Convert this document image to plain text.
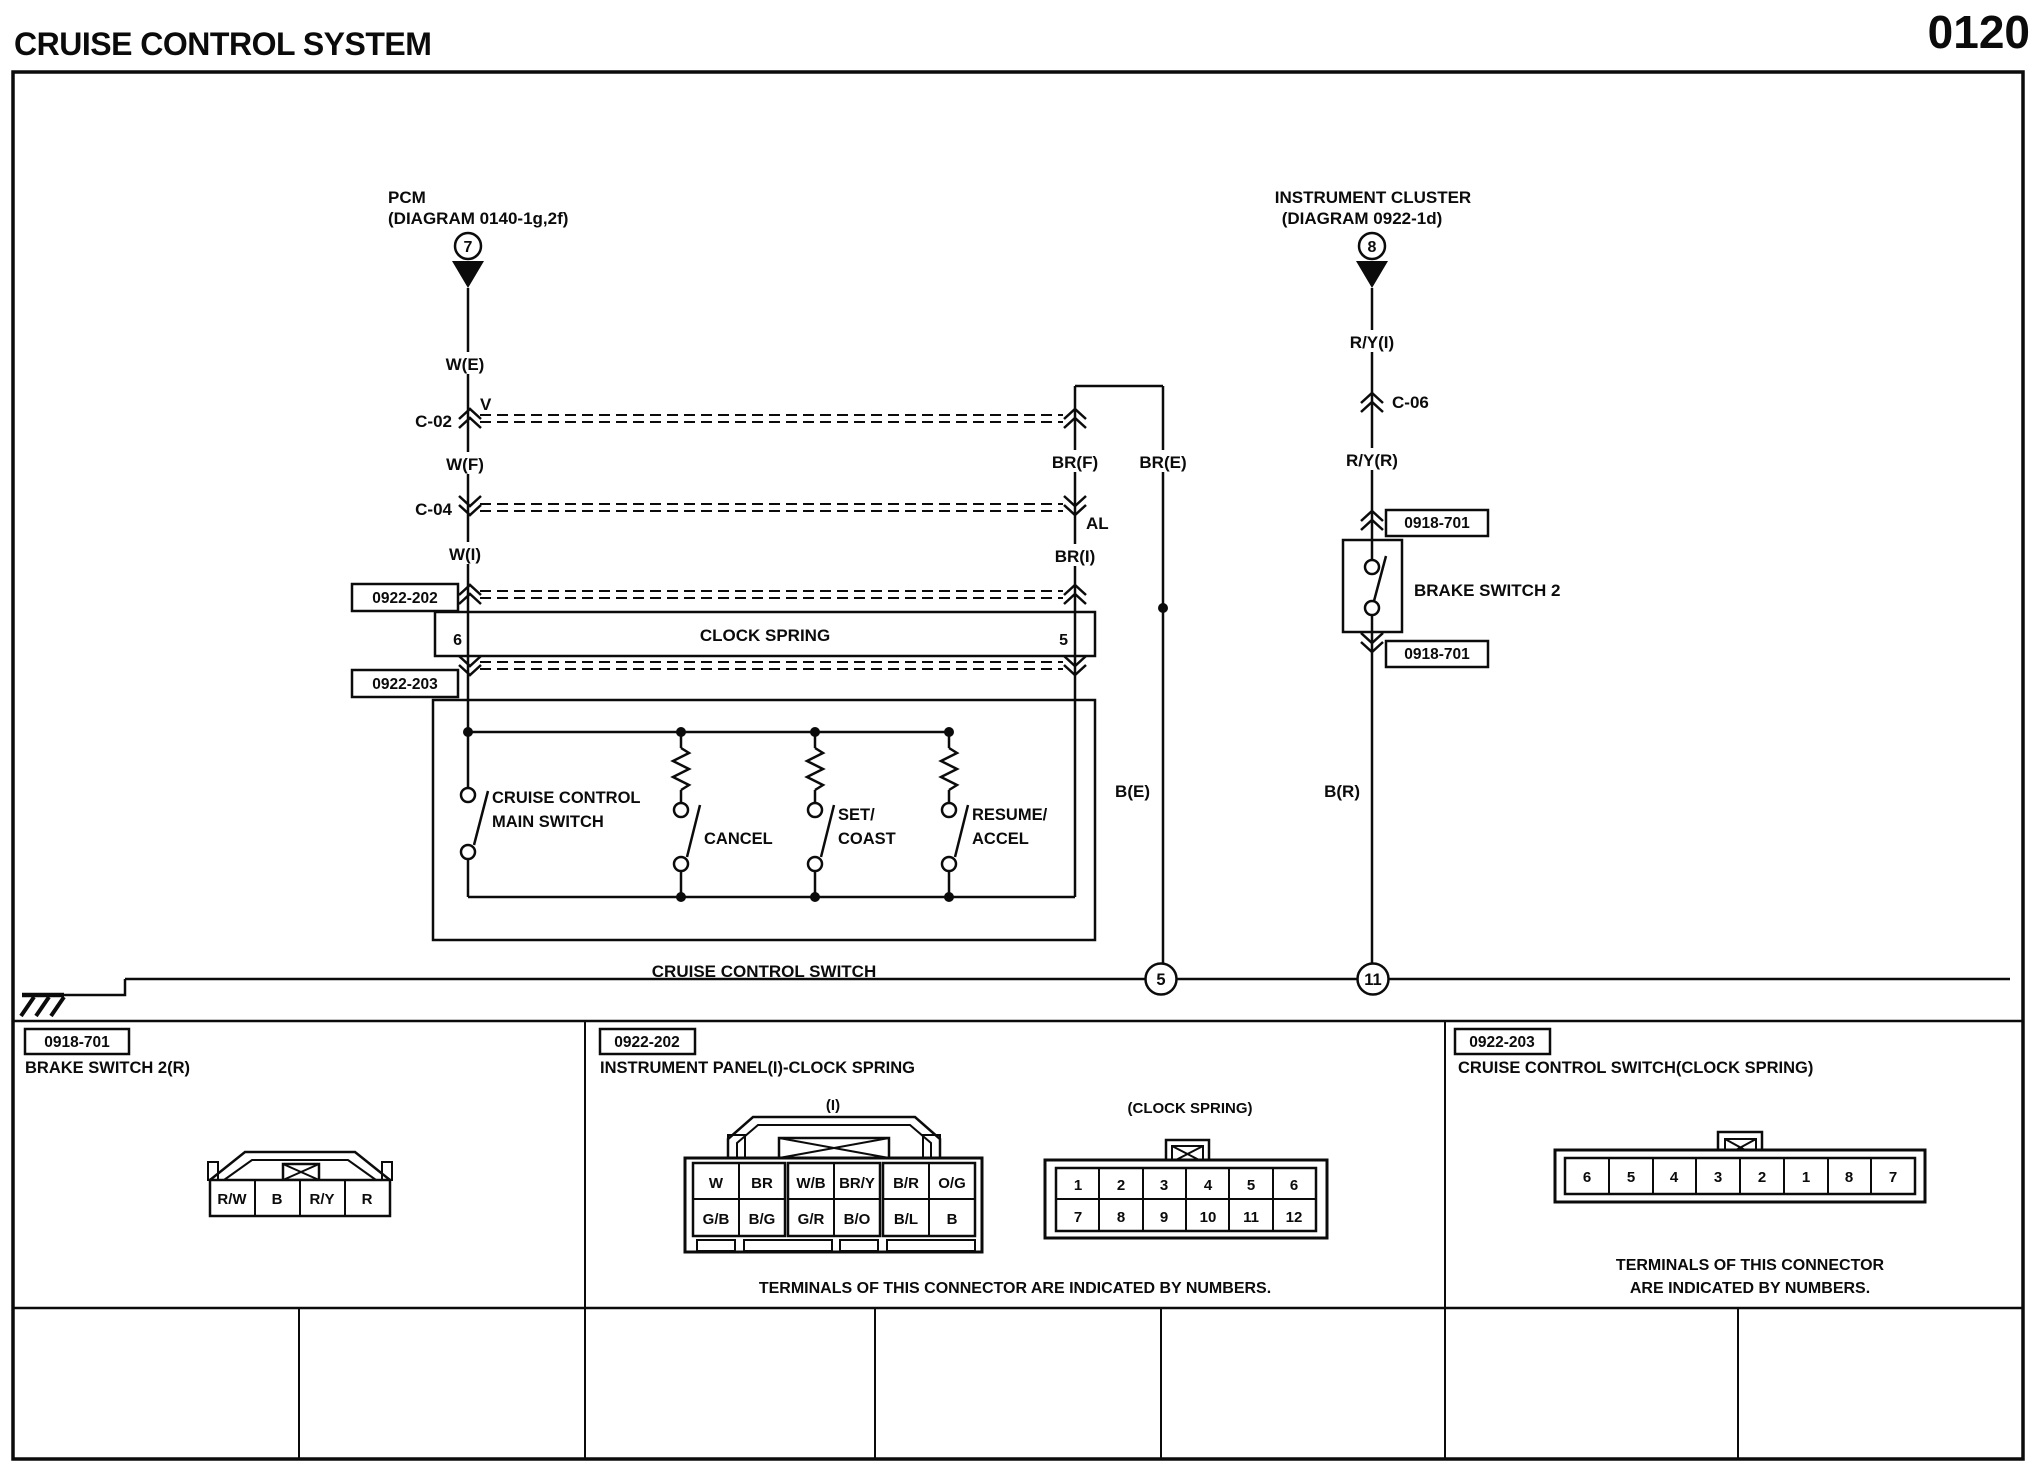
CRUISE CONTROL SYSTEM	0120
PCM
(DIAGRAM 0140-1g,2f)
7
INSTRUMENT CLUSTER
(DIAGRAM 0922-1d)
8
W(E)
V
C-02
W(F)
C-04
W(I)
BR(F) BR(E)
AL
BR(I)
B(E)
R/Y(I)
C-06
R/Y(R)
B(R)
0922-202
0922-203
0918-701
0918-701
CLOCK SPRING
6	5
CRUISE CONTROL
MAIN SWITCH
CANCEL
SET/
COAST
RESUME/
ACCEL
CRUISE CONTROL SWITCH
BRAKE SWITCH 2
5	11
0918-701
BRAKE SWITCH 2(R)
R/W B R/Y R
0922-202
INSTRUMENT PANEL(I)-CLOCK SPRING
(I)
W BR W/B BR/Y B/R O/G
G/B B/G G/R B/O B/L B
(CLOCK SPRING)
1 2 3 4 5 6
7 8 9 10 11 12
TERMINALS OF THIS CONNECTOR ARE INDICATED BY NUMBERS.
0922-203
CRUISE CONTROL SWITCH(CLOCK SPRING)
6 5 4 3 2 1 8 7
TERMINALS OF THIS CONNECTOR
ARE INDICATED BY NUMBERS.
